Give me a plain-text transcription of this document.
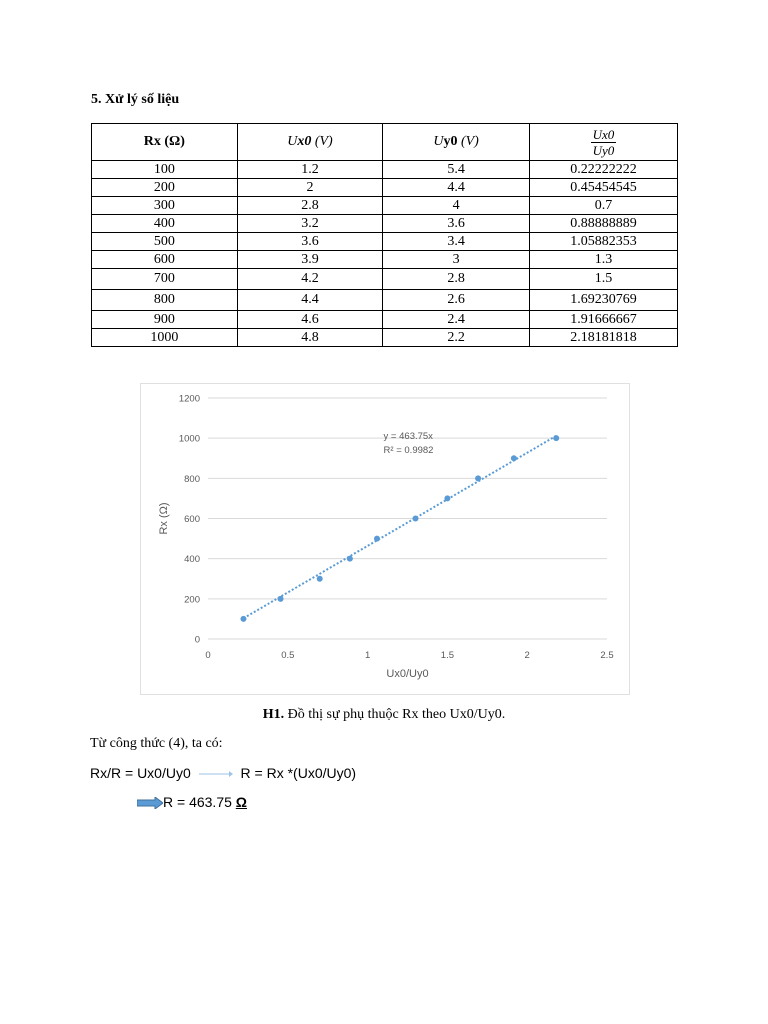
5. Xử lý số liệu
Rx (Ω)	Ux0 (V)	Uy0 (V)	$\frac{Ux0}{Uy0}$

100	1.2	5.4	0.22222222
200	2	4.4	0.45454545
300	2.8	4	0.7
400	3.2	3.6	0.88888889
500	3.6	3.4	1.05882353
600	3.9	3	1.3
700	4.2	2.8	1.5
800	4.4	2.6	1.69230769
900	4.6	2.4	1.91666667
1000	4.8	2.2	2.18181818
0
200
400
600
800
1000
1200
0	0.5	1	1.5	2	2.5
y = 463.75x
R² = 0.9982
Ux0/Uy0
Rx (Ω)
H1. Đồ thị sự phụ thuộc Rx theo Ux0/Uy0.
Từ công thức (4), ta có:
Rx/R = Ux0/Uy0	R = Rx *(Ux0/Uy0)
R = 463.75 Ω
